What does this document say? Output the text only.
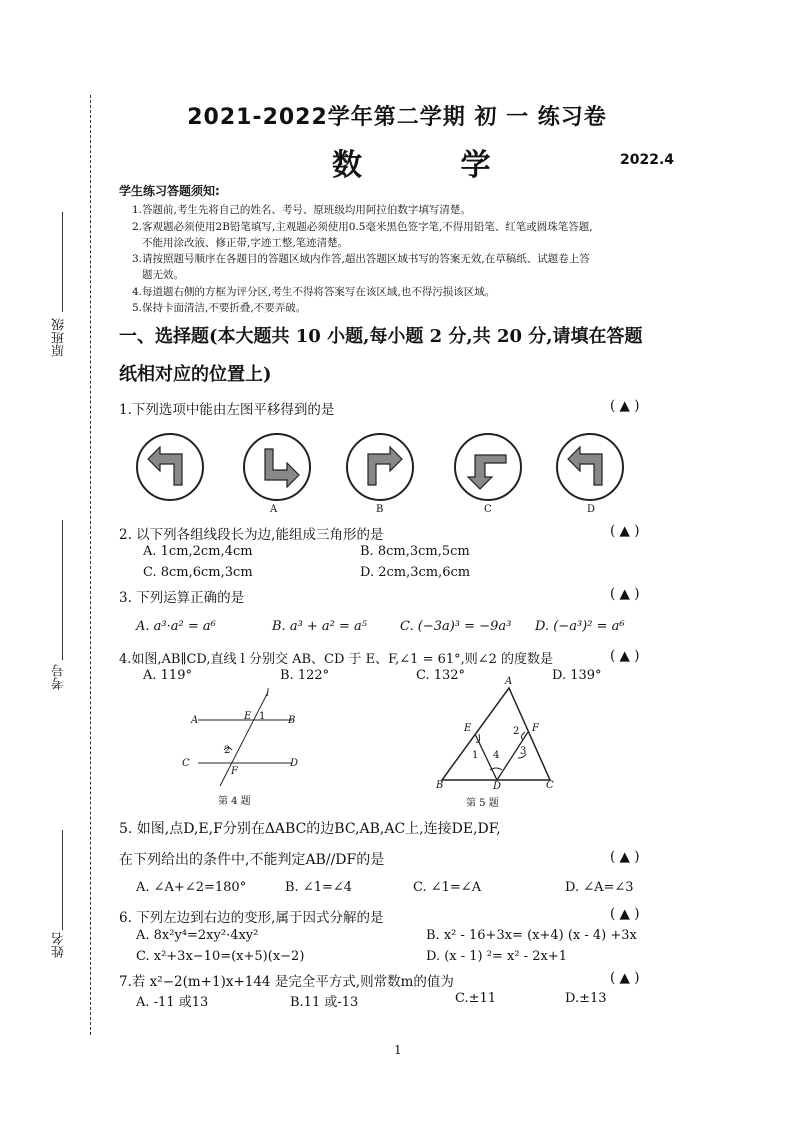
原班级
考号
姓名
2021-2022学年第二学期 初 一 练习卷
数 学	2022.4
学生练习答题须知:
1.答题前,考生先将自己的姓名、考号、原班级均用阿拉伯数字填写清楚。
2.客观题必须使用2B铅笔填写,主观题必须使用0.5毫米黑色签字笔,不得用铅笔、红笔或圆珠笔答题,
不能用涂改液、修正带,字迹工整,笔迹清楚。
3.请按照题号顺序在各题目的答题区域内作答,超出答题区域书写的答案无效,在草稿纸、试题卷上答
题无效。
4.每道题右侧的方框为评分区,考生不得将答案写在该区域,也不得污损该区域。
5.保持卡面清洁,不要折叠,不要弄破。
一、选择题(本大题共 10 小题,每小题 2 分,共 20 分,请填在答题
纸相对应的位置上)
1.下列选项中能由左图平移得到的是	( ▲ )
A	B	C	D
2. 以下列各组线段长为边,能组成三角形的是	( ▲ )
A. 1cm,2cm,4cm	B. 8cm,3cm,5cm
C. 8cm,6cm,3cm	D. 2cm,3cm,6cm
3. 下列运算正确的是	( ▲ )
A. a³·a² = a⁶	B. a³ + a² = a⁵	C. (−3a)³ = −9a³ D. (−a³)² = a⁶
4.如图,AB∥CD,直线 l 分别交 AB、CD 于 E、F,∠1 = 61°,则∠2 的度数是	( ▲ )
A. 119°	B. 122°	C. 132°	D. 139°
l
A	E 1 B
2
C
F
D
第 4 题
A
E	2 F
3
1 4
B	D	C
第 5 题
5. 如图,点D,E,F分别在ΔABC的边BC,AB,AC上,连接DE,DF,
在下列给出的条件中,不能判定AB//DF的是	( ▲ )
A. ∠A+∠2=180°	B. ∠1=∠4	C. ∠1=∠A	D. ∠A=∠3
6. 下列左边到右边的变形,属于因式分解的是	( ▲ )
A. 8x²y⁴=2xy²·4xy²	B. x² - 16+3x= (x+4) (x - 4) +3x
C. x²+3x−10=(x+5)(x−2)	D. (x - 1) ²= x² - 2x+1
7.若 x²−2(m+1)x+144 是完全平方式,则常数m的值为	( ▲ )
A. -11 或13	B.11 或-13	C.±11	D.±13
1
